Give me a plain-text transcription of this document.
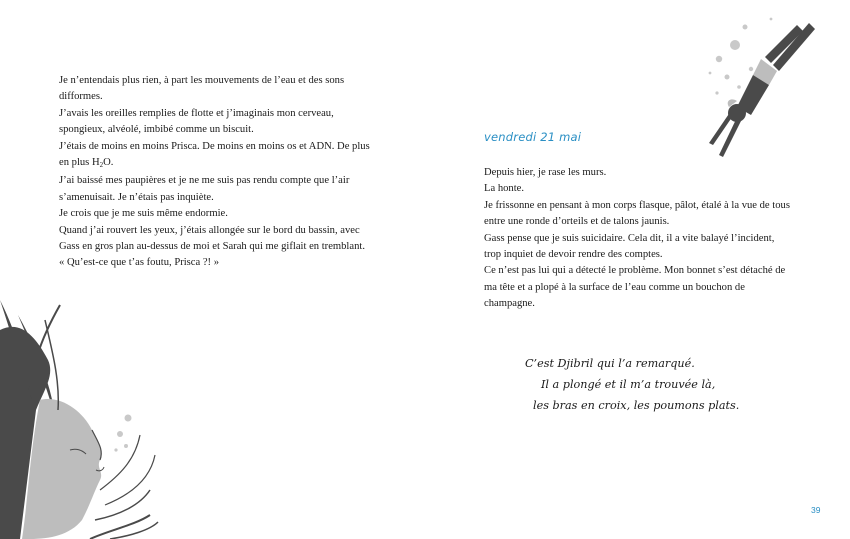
Je n’entendais plus rien, à part les mouvements de l’eau et des sons difformes.

J’avais les oreilles remplies de flotte et j’imaginais mon cerveau, spongieux, alvéolé, imbibé comme un biscuit.

J’étais de moins en moins Prisca. De moins en moins os et ADN. De plus en plus $H_2O$.

J’ai baissé mes paupières et je ne me suis pas rendu compte que l’air s’amenuisait. Je n’étais pas inquiète.

Je crois que je me suis même endormie.

Quand j’ai rouvert les yeux, j’étais allongée sur le bord du bassin, avec Gass en gros plan au-dessus de moi et Sarah qui me giflait en tremblant.

« Qu’est-ce que t’as foutu, Prisca ?! »

vendredi 21 mai

Depuis hier, je rase les murs.

La honte.

Je frissonne en pensant à mon corps flasque, pâlot, étalé à la vue de tous entre une ronde d’orteils et de talons jaunis.

Gass pense que je suis suicidaire. Cela dit, il a vite balayé l’incident, trop inquiet de devoir rendre des comptes.

Ce n’est pas lui qui a détecté le problème. Mon bonnet s’est détaché de ma tête et a plopé à la surface de l’eau comme un bouchon de champagne.

C’est Djibril qui l’a remarqué.

Il a plongé et il m’a trouvée là,

les bras en croix, les poumons plats.

39
